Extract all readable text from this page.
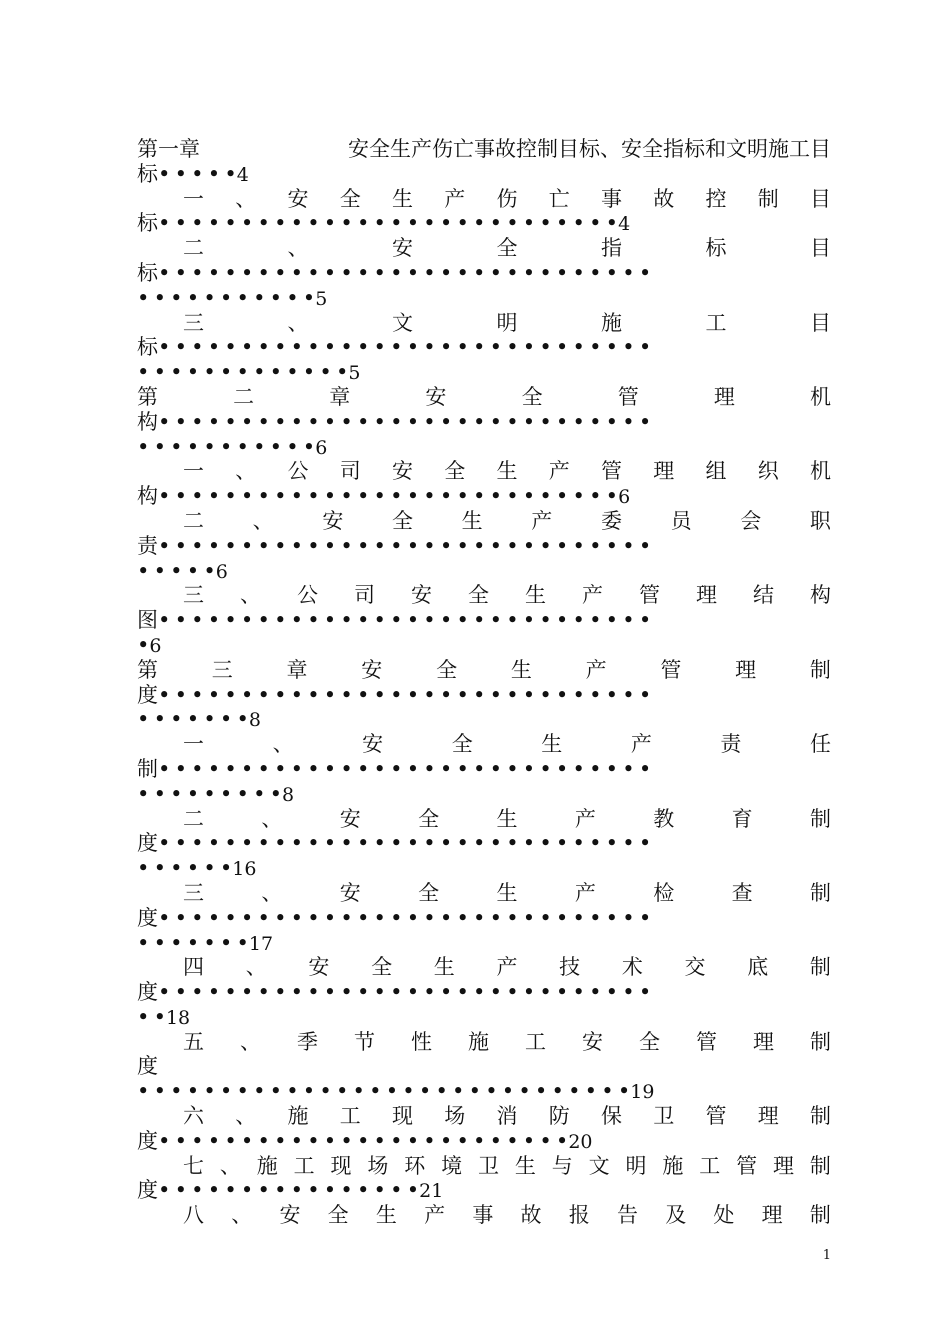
第一章	安全生产伤亡事故控制目标、安全指标和文明施工目
标• • • • •4
一 、 安 全 生 产 伤 亡 事 故 控 制 目
标• • • • • • • • • • • • • • • • • • • • • • • • • • • •4
二	、	安	全	指	标	目
标• • • • • • • • • • • • • • • • • • • • • • • • • • • • • •
• • • • • • • • • • •5
三	、	文	明	施	工	目
标• • • • • • • • • • • • • • • • • • • • • • • • • • • • • •
• • • • • • • • • • • • •5
第	二	章	安	全	管	理	机
构• • • • • • • • • • • • • • • • • • • • • • • • • • • • • •
• • • • • • • • • • •6
一 、 公 司 安 全 生 产 管 理 组 织 机
构• • • • • • • • • • • • • • • • • • • • • • • • • • • •6
二 、 安 全 生 产 委 员 会 职
责• • • • • • • • • • • • • • • • • • • • • • • • • • • • • •
• • • • •6
三 、 公 司 安 全 生 产 管 理 结 构
图• • • • • • • • • • • • • • • • • • • • • • • • • • • • • •
•6
第	三	章	安	全	生	产	管	理	制
度• • • • • • • • • • • • • • • • • • • • • • • • • • • • • •
• • • • • • •8
一	、	安	全	生	产	责	任
制• • • • • • • • • • • • • • • • • • • • • • • • • • • • • •
• • • • • • • • •8
二	、	安	全	生	产	教	育	制
度• • • • • • • • • • • • • • • • • • • • • • • • • • • • • •
• • • • • •16
三	、	安	全	生	产	检	查	制
度• • • • • • • • • • • • • • • • • • • • • • • • • • • • • •
• • • • • • •17
四 、 安 全 生 产 技 术 交 底 制
度• • • • • • • • • • • • • • • • • • • • • • • • • • • • • •
• •18
五 、 季 节 性 施 工 安 全 管 理 制
度
• • • • • • • • • • • • • • • • • • • • • • • • • • • • • •19
六 、 施 工 现 场 消 防 保 卫 管 理 制
度• • • • • • • • • • • • • • • • • • • • • • • • •20
七 、 施 工 现 场 环 境 卫 生 与 文 明 施 工 管 理 制
度• • • • • • • • • • • • • • • •21
八 、 安 全 生 产 事 故 报 告 及 处 理 制
1
